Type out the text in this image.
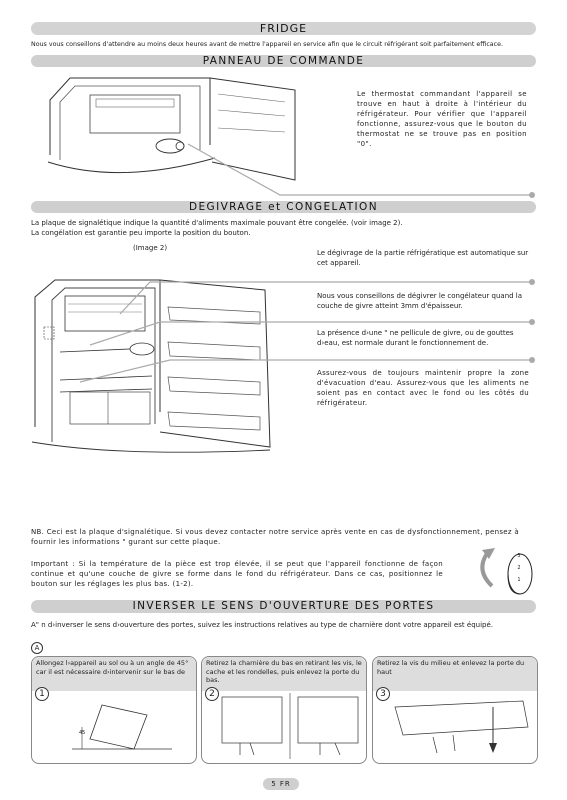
FRIDGE
Nous vous conseillons d'attendre au moins deux heures avant de mettre l'appareil en service afin que le circuit réfrigérant soit parfaitement efficace.
PANNEAU DE COMMANDE
Le thermostat commandant l'appareil se trouve en haut à droite à l'intérieur du réfrigérateur. Pour vérifier que l'appareil fonctionne, assurez-vous que le bouton du thermostat ne se trouve pas en position "0".
DEGIVRAGE et CONGELATION
La plaque de signalétique indique la quantité d'aliments maximale pouvant être congelée. (voir image 2).
La congélation est garantie peu importe la position du bouton.
(Image 2)
Le dégivrage de la partie réfrigératique est automatique sur cet appareil.
Nous vous conseillons de dégivrer le congélateur quand la couche de givre atteint 3mm d'épaisseur.
La présence d›une " ne pellicule de givre, ou de gouttes d›eau, est normale durant le fonctionnement de.
Assurez-vous de toujours maintenir propre la zone d'évacuation d'eau. Assurez-vous que les aliments ne soient pas en contact avec le fond ou les côtés du réfrigérateur.
NB. Ceci est la plaque d'signalétique. Si vous devez contacter notre service après vente en cas de dysfonctionnement, pensez à fournir les informations " gurant sur cette plaque.
Important : Si la température de la pièce est trop élevée, il se peut que l'appareil fonctionne de façon continue et qu'une couche de givre se forme dans le fond du réfrigérateur. Dans ce cas, positionnez le bouton sur les réglages les plus bas. (1-2).
3
2
1
INVERSER LE SENS D'OUVERTURE DES PORTES
A" n d›inverser le sens d›ouverture des portes, suivez les instructions relatives au type de charnière dont votre appareil est équipé.
A
Allongez l›appareil au sol ou à un angle de 45° car il est nécessaire d›intervenir sur le bas de
1
45
Retirez la charnière du bas en retirant les vis, le cache et les rondelles, puis enlevez la porte du bas.
2
Retirez la vis du milieu et enlevez la porte du haut
3
5 FR
